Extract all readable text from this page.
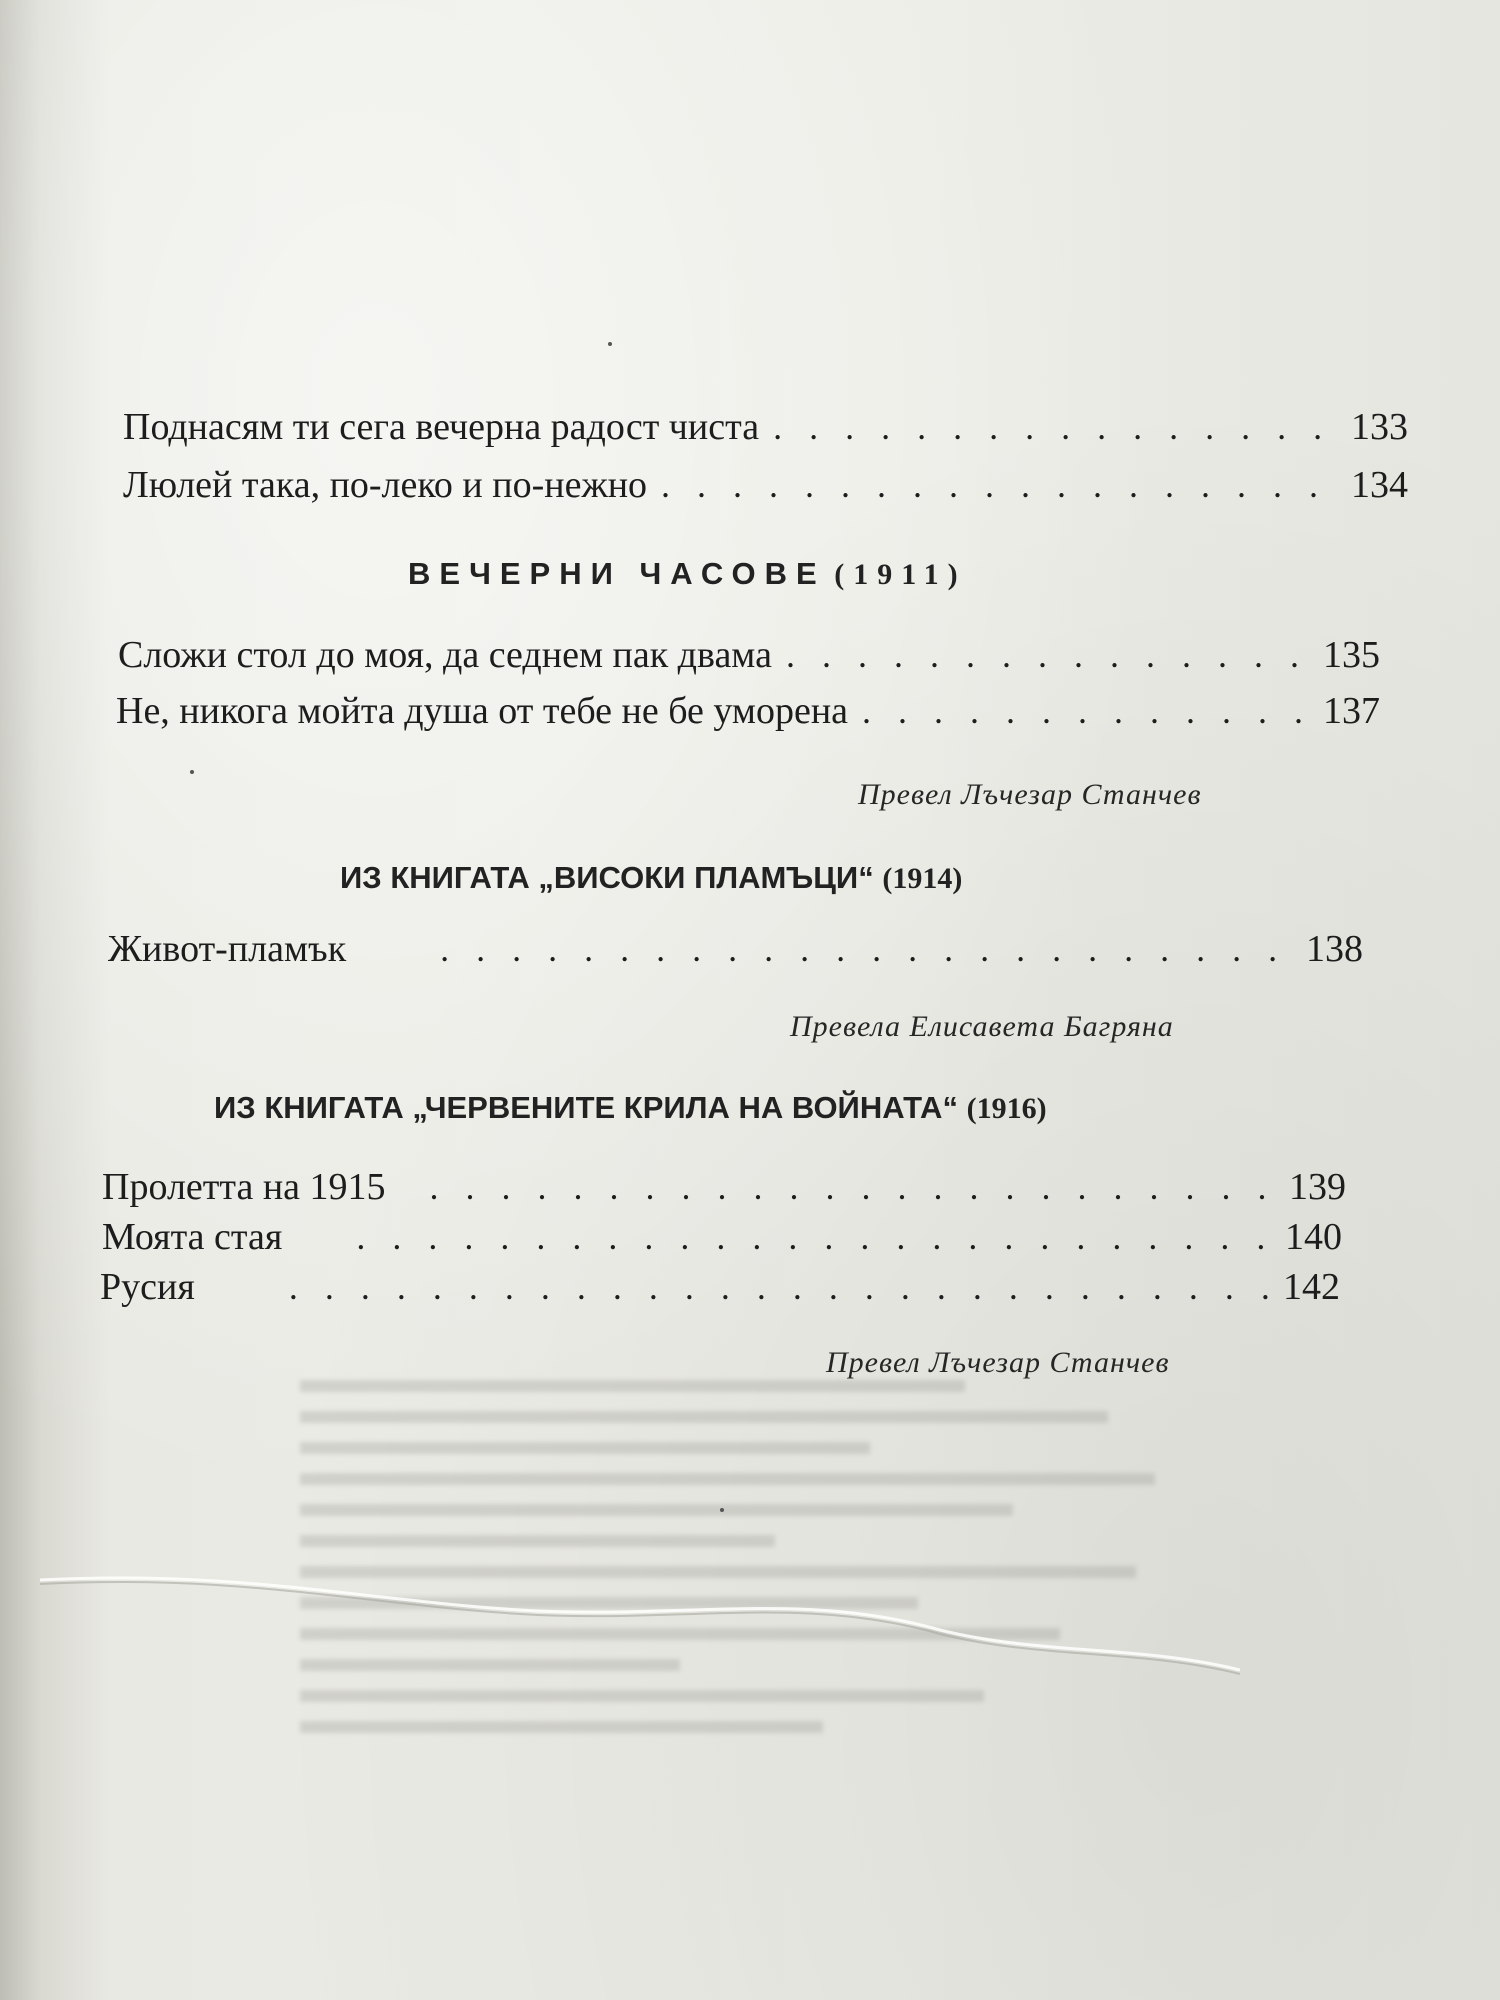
Поднасям ти сега вечерна радост чиста . . .	133
Люлей така, по-леко и по-нежно . . .	134
ВЕЧЕРНИ ЧАСОВЕ (1911)
Сложи стол до моя, да седнем пак двама . . .	135
Не, никога мойта душа от тебе не бе уморена . . .	137
Превел Лъчезар Станчев
ИЗ КНИГАТА „ВИСОКИ ПЛАМЪЦИ“ (1914)
Живот-пламък . . .	138
Превела Елисавета Багряна
ИЗ КНИГАТА „ЧЕРВЕНИТЕ КРИЛА НА ВОЙНАТА“ (1916)
Пролетта на 1915 . . .	139
Моята стая . . .	140
Русия . . .	142
Превел Лъчезар Станчев
